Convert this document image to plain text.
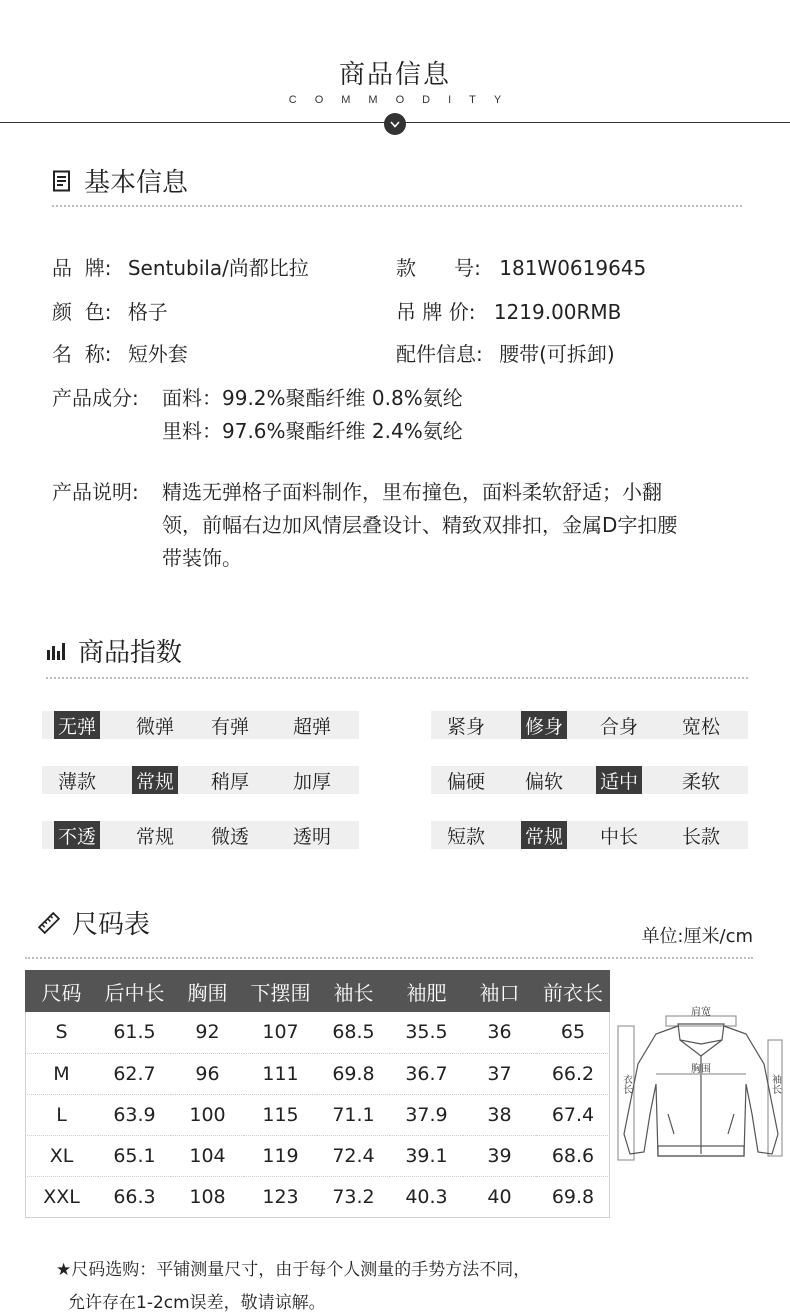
商品信息
COMMODITY
基本信息
品  牌: Sentubila/尚都比拉	款      号: 181W0619645
颜  色: 格子	吊 牌 价: 1219.00RMB
名  称: 短外套	配件信息: 腰带(可拆卸)
产品成分: 面料：99.2%聚酯纤维 0.8%氨纶
里料：97.6%聚酯纤维 2.4%氨纶
产品说明: 精选无弹格子面料制作，里布撞色，面料柔软舒适；小翻
领，前幅右边加风情层叠设计、精致双排扣，金属D字扣腰
带装饰。
商品指数
无弹 微弹 有弹 超弹	紧身 修身 合身 宽松
薄款 常规 稍厚 加厚	偏硬 偏软 适中 柔软
不透 常规 微透 透明	短款 常规 中长 长款
尺码表	单位:厘米/cm
尺码	后中长	胸围	下摆围	袖长	袖肥	袖口	前衣长
S	61.5	92	107	68.5	35.5	36	65
M	62.7	96	111	69.8	36.7	37	66.2
L	63.9	100	115	71.1	37.9	38	67.4
XL	65.1	104	119	72.4	39.1	39	68.6
XXL	66.3	108	123	73.2	40.3	40	69.8
肩宽
胸围
衣长	袖长
★尺码选购：平铺测量尺寸，由于每个人测量的手势方法不同，
允许存在1-2cm误差，敬请谅解。
